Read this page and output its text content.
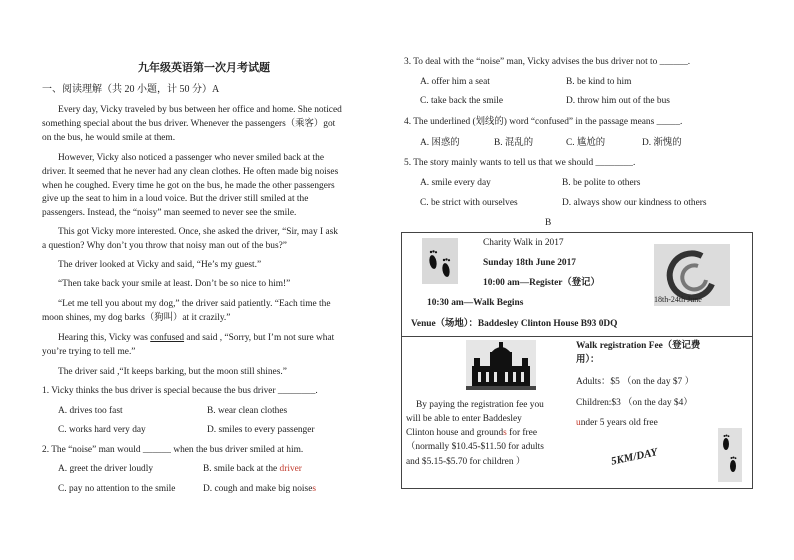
九年级英语第一次月考试题
一、阅读理解（共 20 小题，计 50 分）A
Every day, Vicky traveled by bus between her office and home. She noticed
something special about the bus driver. Whenever the passengers（乘客）got
on the bus, he would smile at them.
However, Vicky also noticed a passenger who never smiled back at the
driver. It seemed that he never had any clean clothes. He often made big noises
when he coughed. Every time he got on the bus, he made the other passengers
give up the seat to him in a loud voice. But the driver still smiled at the
passengers. Instead, the “noisy” man seemed to never see the smile.
This got Vicky more interested. Once, she asked the driver, “Sir, may I ask
a question? Why don’t you throw that noisy man out of the bus?”
The driver looked at Vicky and said, “He’s my guest.”
“Then take back your smile at least. Don’t be so nice to him!”
“Let me tell you about my dog,” the driver said patiently. “Each time the
moon shines, my dog barks（狗叫）at it crazily.”
Hearing this, Vicky was confused and said , “Sorry, but I’m not sure what
you’re trying to tell me.”
The driver said ,“It keeps barking, but the moon still shines.”
1. Vicky thinks the bus driver is special because the bus driver ________.
A. drives too fast	B. wear clean clothes
C. works hard very day	D. smiles to every passenger
2. The “noise” man would ______ when the bus driver smiled at him.
A. greet the driver loudly	B. smile back at the driver
C. pay no attention to the smile	D. cough and make big noises
3. To deal with the “noise” man, Vicky advises the bus driver not to ______.
A. offer him a seat	B. be kind to him
C. take back the smile	D. throw him out of the bus
4. The underlined (划线的) word “confused” in the passage means _____.
A. 困惑的	B. 混乱的	C. 尴尬的	D. 渐愧的
5. The story mainly wants to tell us that we should ________.
A. smile every day	B. be polite to others
C. be strict with ourselves	D. always show our kindness to others
B
Charity Walk in 2017
Sunday 18th June 2017
10:00 am—Register（登记）
10:30 am—Walk Begins
Venue（场地）：Baddesley Clinton House B93 0DQ
18th-24th June
Walk registration Fee（登记费
用）：
Adults：$5 （on the day $7 ）
Children:$3 （on the day $4）
under 5 years old free
By paying the registration fee you
will be able to enter Baddesley
Clinton house and grounds for free
（normally $10.45-$11.50 for adults
and $5.15-$5.70 for children ）	5KM/DAY
